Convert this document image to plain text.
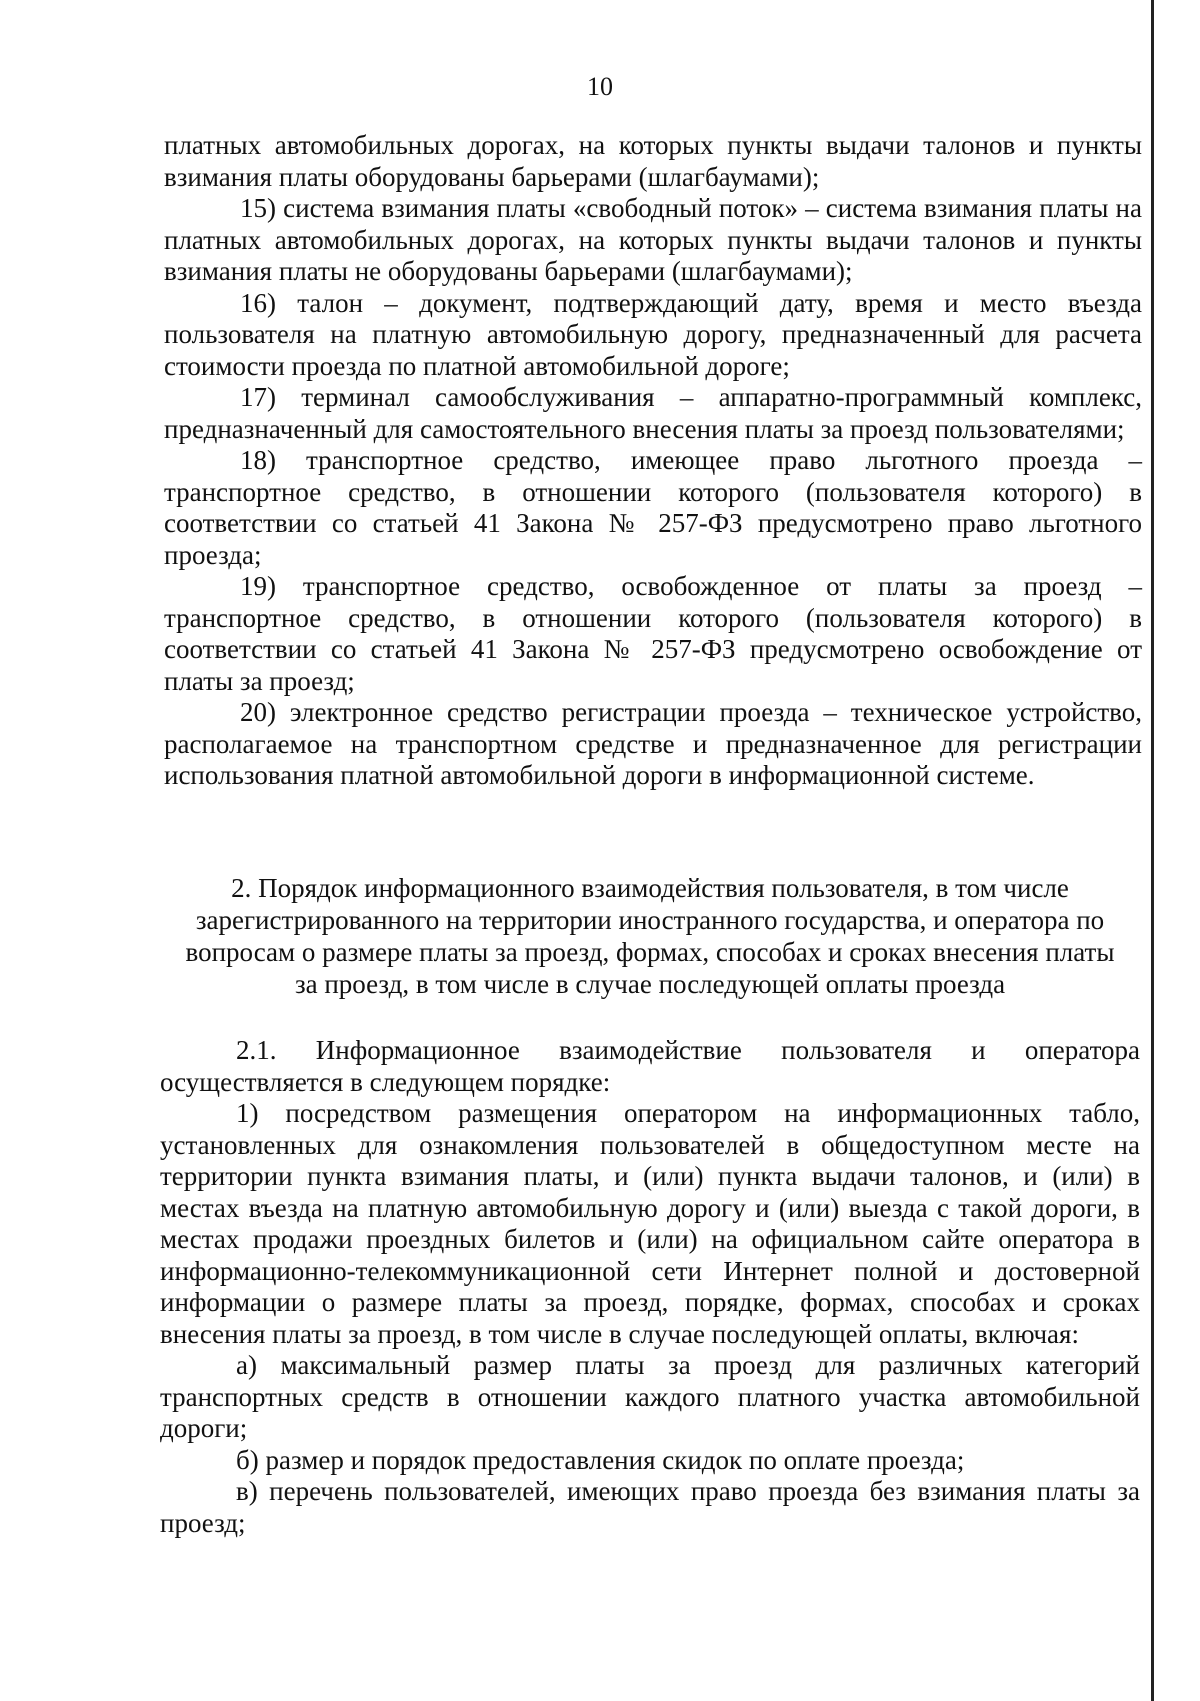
10

платных автомобильных дорогах, на которых пункты выдачи талонов и пункты взимания платы оборудованы барьерами (шлагбаумами);

15) система взимания платы «свободный поток» – система взимания платы на платных автомобильных дорогах, на которых пункты выдачи талонов и пункты взимания платы не оборудованы барьерами (шлагбаумами);

16) талон – документ, подтверждающий дату, время и место въезда пользователя на платную автомобильную дорогу, предназначенный для расчета стоимости проезда по платной автомобильной дороге;

17) терминал самообслуживания – аппаратно-программный комплекс, предназначенный для самостоятельного внесения платы за проезд пользователями;

18) транспортное средство, имеющее право льготного проезда – транспортное средство, в отношении которого (пользователя которого) в соответствии со статьей 41 Закона № 257-ФЗ предусмотрено право льготного проезда;

19) транспортное средство, освобожденное от платы за проезд – транспортное средство, в отношении которого (пользователя которого) в соответствии со статьей 41 Закона № 257-ФЗ предусмотрено освобождение от платы за проезд;

20) электронное средство регистрации проезда – техническое устройство, располагаемое на транспортном средстве и предназначенное для регистрации использования платной автомобильной дороги в информационной системе.

2. Порядок информационного взаимодействия пользователя, в том числе

зарегистрированного на территории иностранного государства, и оператора по

вопросам о размере платы за проезд, формах, способах и сроках внесения платы

за проезд, в том числе в случае последующей оплаты проезда

2.1. Информационное взаимодействие пользователя и оператора осуществляется в следующем порядке:

1) посредством размещения оператором на информационных табло, установленных для ознакомления пользователей в общедоступном месте на территории пункта взимания платы, и (или) пункта выдачи талонов, и (или) в местах въезда на платную автомобильную дорогу и (или) выезда с такой дороги, в местах продажи проездных билетов и (или) на официальном сайте оператора в информационно-телекоммуникационной сети Интернет полной и достоверной информации о размере платы за проезд, порядке, формах, способах и сроках внесения платы за проезд, в том числе в случае последующей оплаты, включая:

а) максимальный размер платы за проезд для различных категорий транспортных средств в отношении каждого платного участка автомобильной дороги;

б) размер и порядок предоставления скидок по оплате проезда;

в) перечень пользователей, имеющих право проезда без взимания платы за проезд;
